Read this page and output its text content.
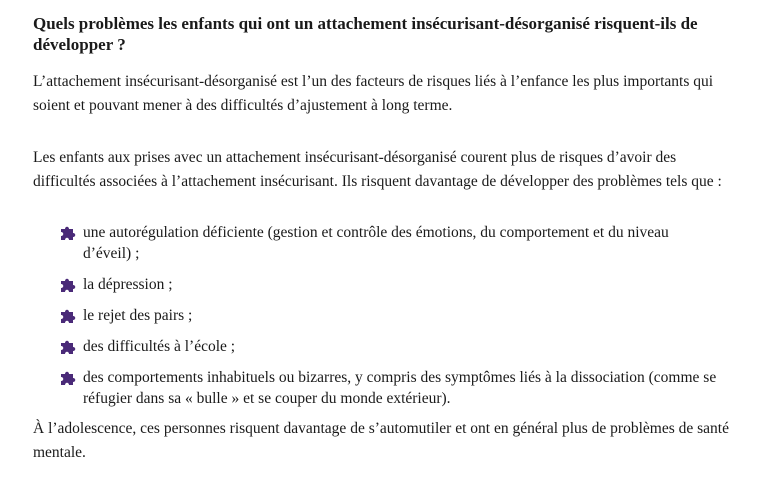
Quels problèmes les enfants qui ont un attachement insécurisant-désorganisé risquent-ils de développer ?

L’attachement insécurisant-désorganisé est l’un des facteurs de risques liés à l’enfance les plus importants qui soient et pouvant mener à des difficultés d’ajustement à long terme.

Les enfants aux prises avec un attachement insécurisant-désorganisé courent plus de risques d’avoir des difficultés associées à l’attachement insécurisant. Ils risquent davantage de développer des problèmes tels que :

une autorégulation déficiente (gestion et contrôle des émotions, du comportement et du niveau d’éveil) ;
la dépression ;
le rejet des pairs ;
des difficultés à l’école ;
des comportements inhabituels ou bizarres, y compris des symptômes liés à la dissociation (comme se réfugier dans sa « bulle » et se couper du monde extérieur).

À l’adolescence, ces personnes risquent davantage de s’automutiler et ont en général plus de problèmes de santé mentale.
